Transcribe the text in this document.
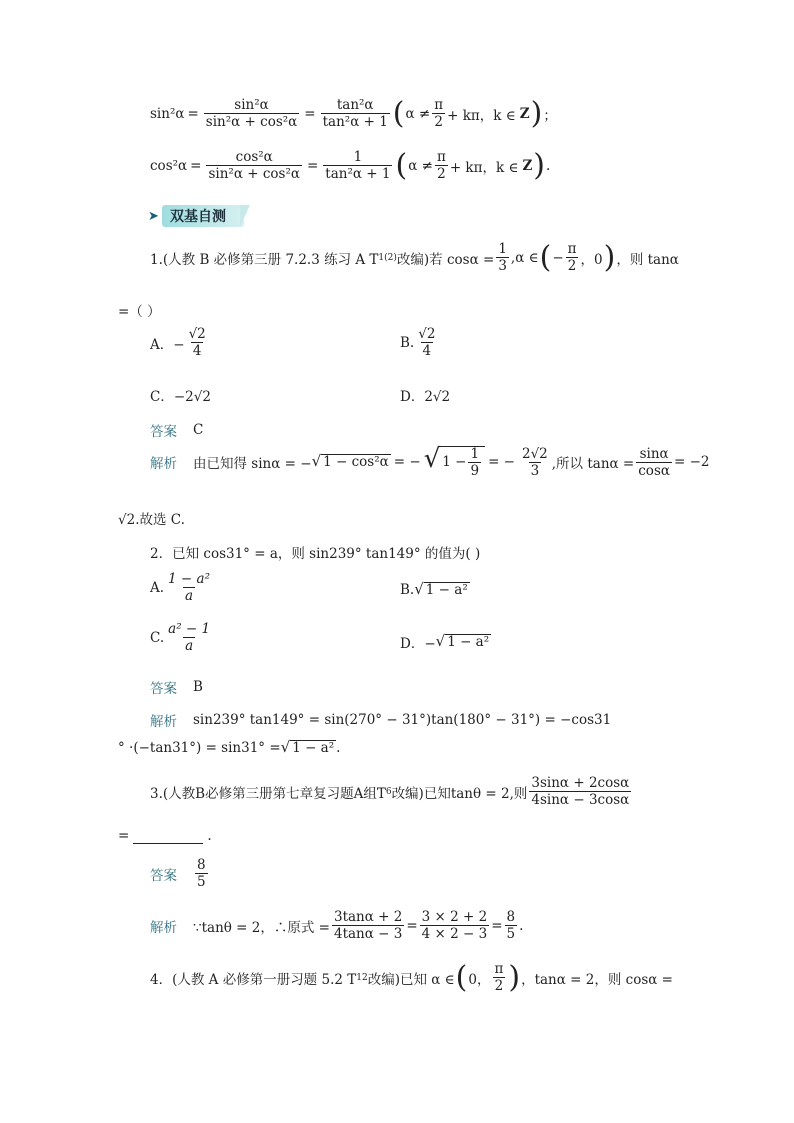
$\sin^2\alpha = \frac{\text{sin²α}}{\text{sin²α + cos²α}} = \frac{\text{tan²α}}{\text{tan²α + 1}}$ ( $\alpha \ne \frac{\pi}{2} + k\pi$，k ∈ Z ) ；
$\cos^2\alpha = \frac{\text{cos²α}}{\text{sin²α + cos²α}} = \frac{1}{\text{tan²α + 1}}$ ( $\alpha \ne \frac{\pi}{2} + k\pi$，k ∈ Z ) .
➤ 双基自测
1.(人教 B 必修第三册 7.2.3 练习 A T 1(2) 改编)若 $\cos\alpha = \frac{1}{3} ,\alpha$ ∈ ( − $\frac{\pi}{2}$ ，0 ) ，则 tanα
=（ ）
A．− $\frac{√2}{4}$	B. $\frac{√2}{4}$
C．−2√2	D．2√2
答案 C
解析 由已知得 sinα = − √ 1 − cos²α = − √ $1 - \frac{1}{9}$ = − $\frac{2√2}{3}$ ,所以 $\tan\alpha = \frac{\sin\alpha}{\cos\alpha} = -2$
√2.故选 C.
2．已知 cos31° = a，则 sin239° tan149° 的值为( )
A. $\frac{\text{1 − a²}}{a}$	B. √ 1 − a²
C. $\frac{\text{a² − 1}}{a}$	D．− √ 1 − a²
答案 B
解析 sin239° tan149° = sin(270° − 31°)tan(180° − 31°) = −cos31
° ·(−tan31°) = sin31° = √ 1 − a² .
3.(人教B必修第三册第七章复习题A组T 6 改编)已知tanθ = 2,则 $\frac{3\sin\alpha + 2\cos\alpha}{4\sin\alpha - 3\cos\alpha}$
=	.
答案 $\frac{8}{5}$
解析 ∵tanθ = 2，∴原式 = $\frac{3\tan\alpha + 2}{4\tan\alpha - 3} = \frac{3 \times 2 + 2}{4 \times 2 - 3} = \frac{8}{5}$ .
4．(人教 A 必修第一册习题 5.2 T 12 改编)已知 α ∈ ( 0， $\frac{\pi}{2}$ ) ，tanα = 2，则 cosα =
